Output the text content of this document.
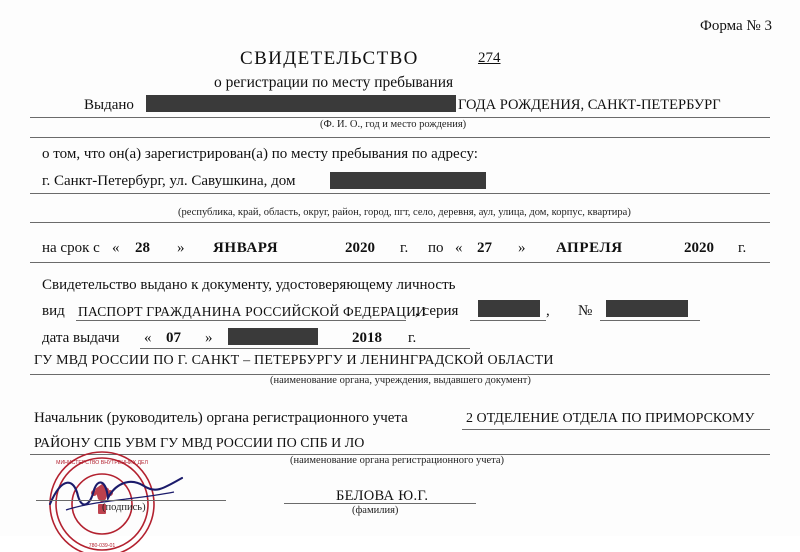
Форма № 3
СВИДЕТЕЛЬСТВО	274
о регистрации по месту пребывания
Выдано	ГОДА РОЖДЕНИЯ, САНКТ-ПЕТЕРБУРГ
(Ф. И. О., год и место рождения)
о том, что он(а) зарегистрирован(а) по месту пребывания по адресу:
г. Санкт-Петербург, ул. Савушкина, дом
(республика, край, область, округ, район, город, пгт, село, деревня, аул, улица, дом, корпус, квартира)
на срок с « 28 » ЯНВАРЯ	2020 г. по « 27 » АПРЕЛЯ	2020 г.
Свидетельство выдано к документу, удостоверяющему личность
вид ПАСПОРТ ГРАЖДАНИНА РОССИЙСКОЙ ФЕДЕРАЦИИ
, серия	, №
дата выдачи « 07 »	2018 г.
ГУ МВД РОССИИ ПО Г. САНКТ – ПЕТЕРБУРГУ И ЛЕНИНГРАДСКОЙ ОБЛАСТИ
(наименование органа, учреждения, выдавшего документ)
Начальник (руководитель) органа регистрационного учета	2 ОТДЕЛЕНИЕ ОТДЕЛА ПО ПРИМОРСКОМУ
РАЙОНУ СПБ УВМ ГУ МВД РОССИИ ПО СПБ И ЛО
(наименование органа регистрационного учета)
МИНИСТЕРСТВО ВНУТРЕННИХ ДЕЛ
780-039-01
(подпись)
БЕЛОВА Ю.Г.
(фамилия)
